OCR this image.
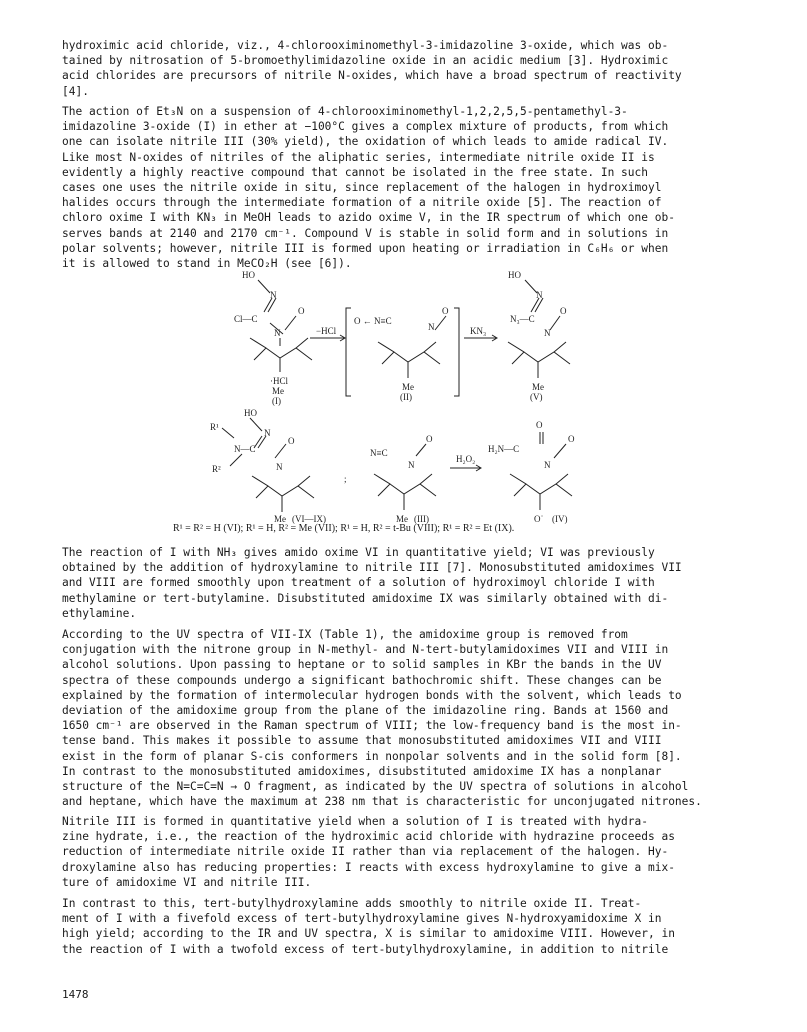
hydroximic acid chloride, viz., 4-chlorooximinomethyl-3-imidazoline 3-oxide, which was ob-
tained by nitrosation of 5-bromoethylimidazoline oxide in an acidic medium [3]. Hydroximic
acid chlorides are precursors of nitrile N-oxides, which have a broad spectrum of reactivity
[4].
The action of Et₃N on a suspension of 4-chlorooximinomethyl-1,2,2,5,5-pentamethyl-3-
imidazoline 3-oxide (I) in ether at −100°C gives a complex mixture of products, from which
one can isolate nitrile III (30% yield), the oxidation of which leads to amide radical IV.
Like most N-oxides of nitriles of the aliphatic series, intermediate nitrile oxide II is
evidently a highly reactive compound that cannot be isolated in the free state. In such
cases one uses the nitrile oxide in situ, since replacement of the halogen in hydroximoyl
halides occurs through the intermediate formation of a nitrile oxide [5]. The reaction of
chloro oxime I with KN₃ in MeOH leads to azido oxime V, in the IR spectrum of which one ob-
serves bands at 2140 and 2170 cm⁻¹. Compound V is stable in solid form and in solutions in
polar solvents; however, nitrile III is formed upon heating or irradiation in C₆H₆ or when
it is allowed to stand in MeCO₂H (see [6]).
The reaction of I with NH₃ gives amido oxime VI in quantitative yield; VI was previously
obtained by the addition of hydroxylamine to nitrile III [7]. Monosubstituted amidoximes VII
and VIII are formed smoothly upon treatment of a solution of hydroximoyl chloride I with
methylamine or tert-butylamine. Disubstituted amidoxime IX was similarly obtained with di-
ethylamine.
According to the UV spectra of VII-IX (Table 1), the amidoxime group is removed from
conjugation with the nitrone group in N-methyl- and N-tert-butylamidoximes VII and VIII in
alcohol solutions. Upon passing to heptane or to solid samples in KBr the bands in the UV
spectra of these compounds undergo a significant bathochromic shift. These changes can be
explained by the formation of intermolecular hydrogen bonds with the solvent, which leads to
deviation of the amidoxime group from the plane of the imidazoline ring. Bands at 1560 and
1650 cm⁻¹ are observed in the Raman spectrum of VIII; the low-frequency band is the most in-
tense band. This makes it possible to assume that monosubstituted amidoximes VII and VIII
exist in the form of planar S-cis conformers in nonpolar solvents and in the solid form [8].
In contrast to the monosubstituted amidoximes, disubstituted amidoxime IX has a nonplanar
structure of the N=C=C=N → O fragment, as indicated by the UV spectra of solutions in alcohol
and heptane, which have the maximum at 238 nm that is characteristic for unconjugated nitrones.
Nitrile III is formed in quantitative yield when a solution of I is treated with hydra-
zine hydrate, i.e., the reaction of the hydroximic acid chloride with hydrazine proceeds as
reduction of intermediate nitrile oxide II rather than via replacement of the halogen. Hy-
droxylamine also has reducing properties: I reacts with excess hydroxylamine to give a mix-
ture of amidoxime VI and nitrile III.
In contrast to this, tert-butylhydroxylamine adds smoothly to nitrile oxide II. Treat-
ment of I with a fivefold excess of tert-butylhydroxylamine gives N-hydroxyamidoxime X in
high yield; according to the IR and UV spectra, X is similar to amidoxime VIII. However, in
the reaction of I with a twofold excess of tert-butylhydroxylamine, in addition to nitrile
HO
N
Cl—C
O
N
·HCl
Me
(I)
−HCl
O ← N≡C
O
N
Me
(II)
KN₃
HO
N
N₃—C
O
N
Me
(V)
HO
R¹
N
N—C
R²
O
N
Me (VI—IX)
;
N≡C
O
N
Me (III)
H₂O₂
O
H₂N—C
O
N
O˙ (IV)
R¹ = R² = H (VI); R¹ = H, R² = Me (VII); R¹ = H, R² = t-Bu (VIII); R¹ = R² = Et (IX).
1478
